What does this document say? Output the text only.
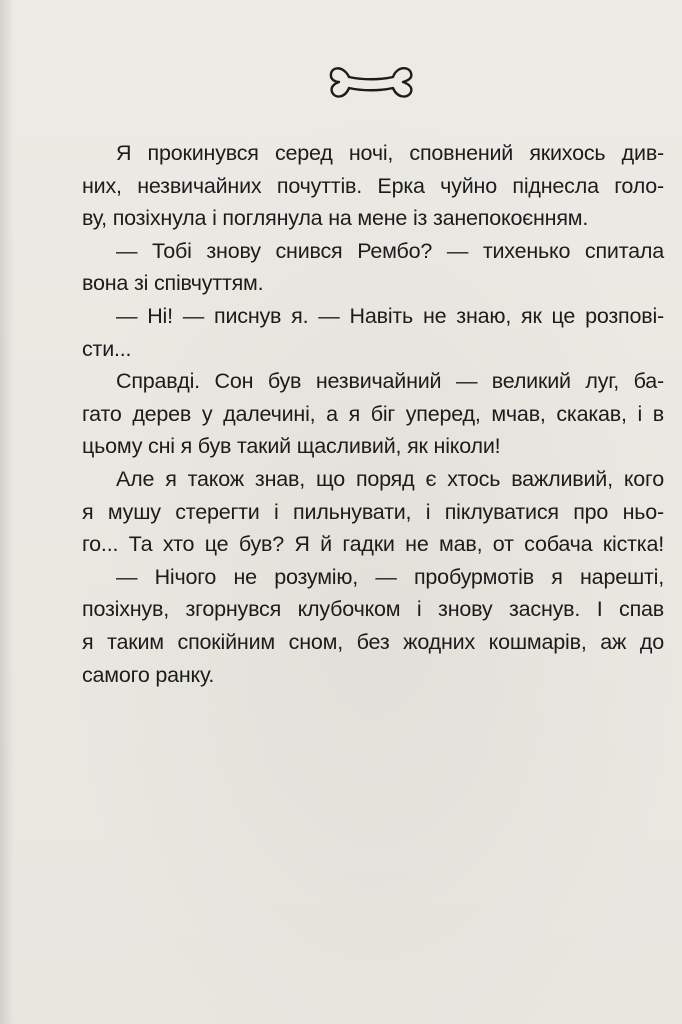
Я прокинувся серед ночі, сповнений якихось див-
них, незвичайних почуттів. Ерка чуйно піднесла голо-
ву, позіхнула і поглянула на мене із занепокоєнням.
— Тобі знову снився Рембо? — тихенько спитала
вона зі співчуттям.
— Ні! — писнув я. — Навіть не знаю, як це розпові-
сти...
Справді. Сон був незвичайний — великий луг, ба-
гато дерев у далечині, а я біг уперед, мчав, скакав, і в
цьому сні я був такий щасливий, як ніколи!
Але я також знав, що поряд є хтось важливий, кого
я мушу стерегти і пильнувати, і піклуватися про ньо-
го... Та хто це був? Я й гадки не мав, от собача кістка!
— Нічого не розумію, — пробурмотів я нарешті,
позіхнув, згорнувся клубочком і знову заснув. І спав
я таким спокійним сном, без жодних кошмарів, аж до
самого ранку.
